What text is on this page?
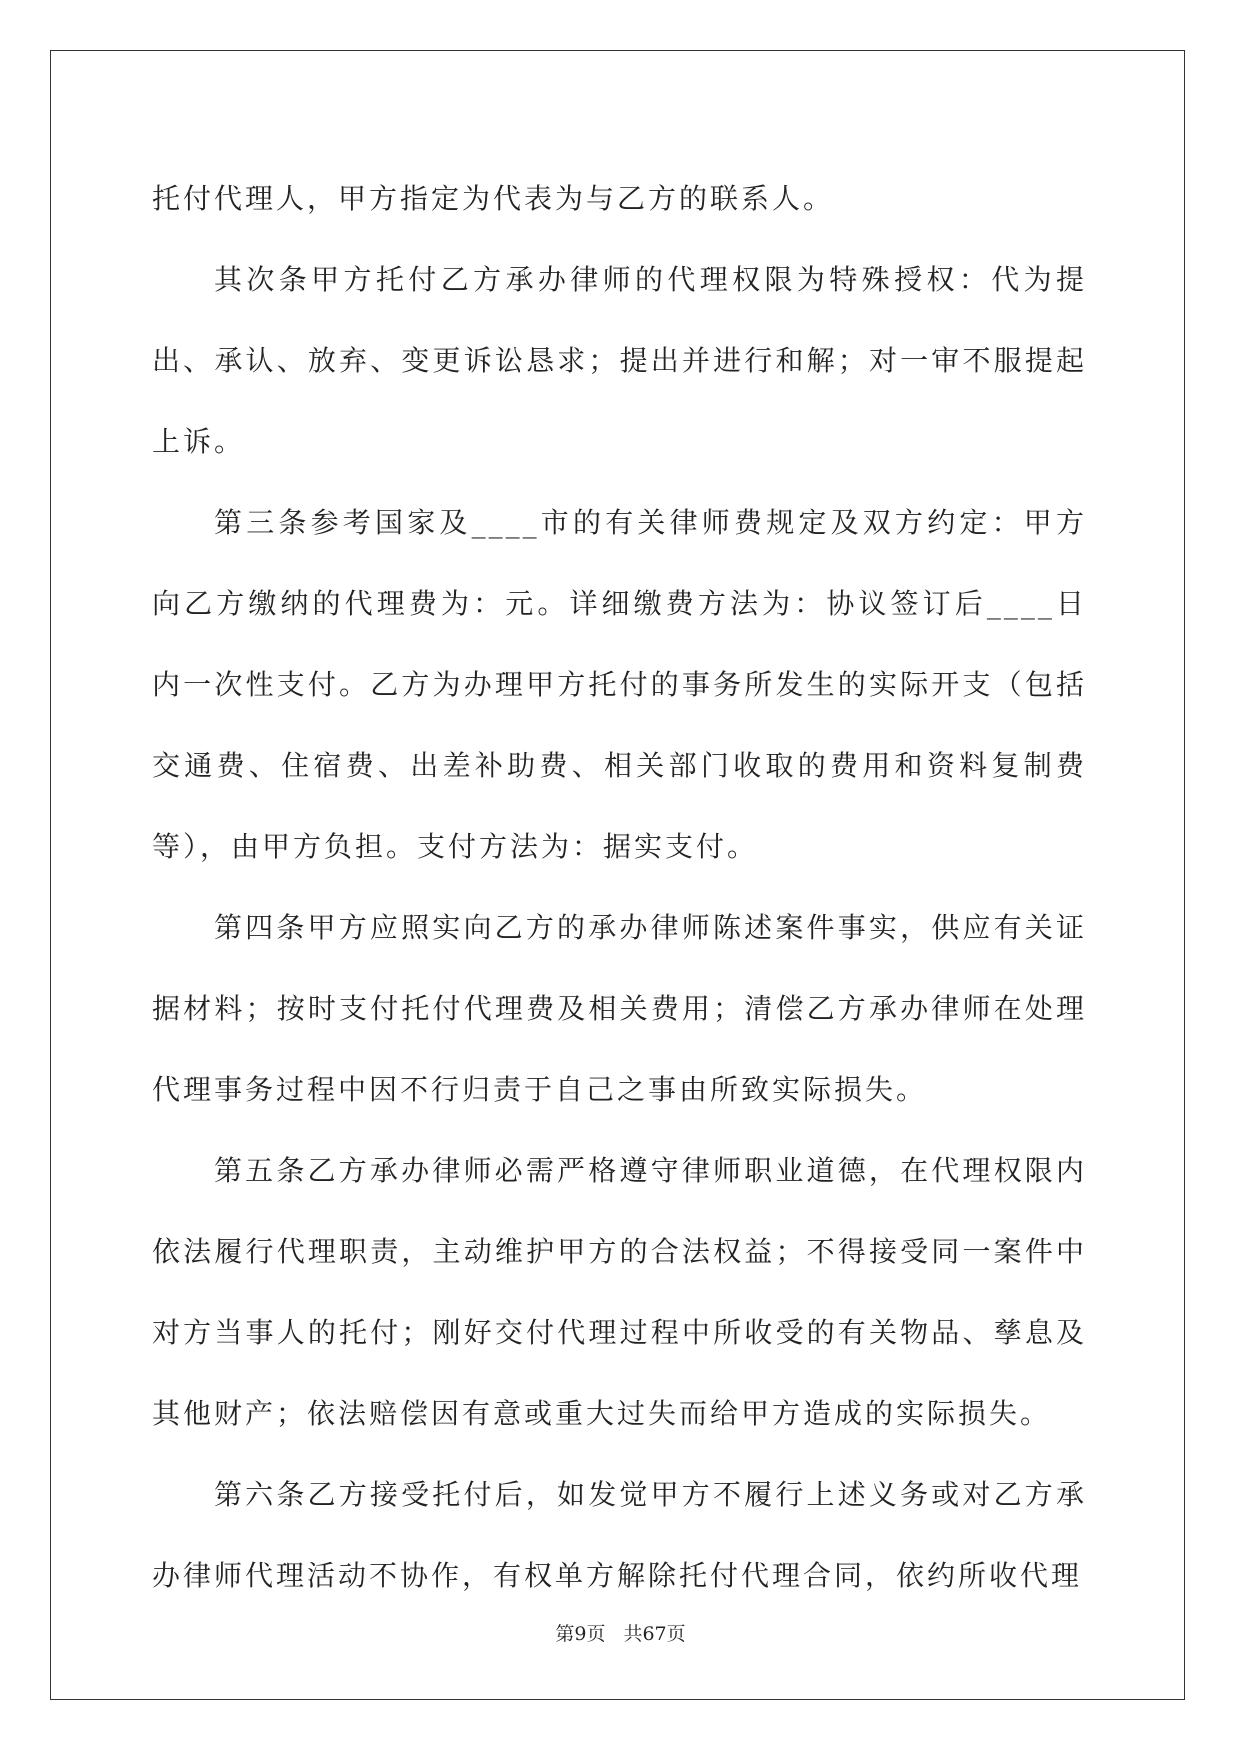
托付代理人，甲方指定为代表为与乙方的联系人。

其次条甲方托付乙方承办律师的代理权限为特殊授权：代为提出、承认、放弃、变更诉讼恳求；提出并进行和解；对一审不服提起上诉。

第三条参考国家及____市的有关律师费规定及双方约定：甲方向乙方缴纳的代理费为：元。详细缴费方法为：协议签订后____日内一次性支付。乙方为办理甲方托付的事务所发生的实际开支（包括交通费、住宿费、出差补助费、相关部门收取的费用和资料复制费等），由甲方负担。支付方法为：据实支付。

第四条甲方应照实向乙方的承办律师陈述案件事实，供应有关证据材料；按时支付托付代理费及相关费用；清偿乙方承办律师在处理代理事务过程中因不行归责于自己之事由所致实际损失。

第五条乙方承办律师必需严格遵守律师职业道德，在代理权限内依法履行代理职责，主动维护甲方的合法权益；不得接受同一案件中对方当事人的托付；刚好交付代理过程中所收受的有关物品、孳息及其他财产；依法赔偿因有意或重大过失而给甲方造成的实际损失。

第六条乙方接受托付后，如发觉甲方不履行上述义务或对乙方承办律师代理活动不协作，有权单方解除托付代理合同，依约所收代理

第9页 共67页
